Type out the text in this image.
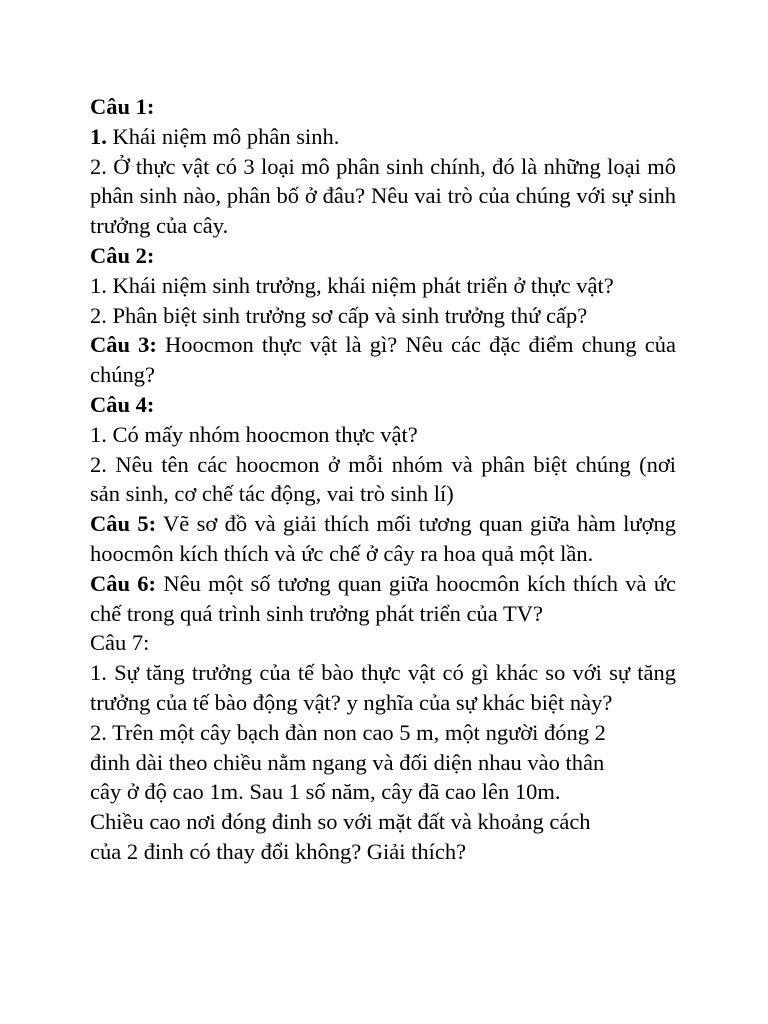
Câu 1:
1. Khái niệm mô phân sinh.
2. Ở thực vật có 3 loại mô phân sinh chính, đó là những loại mô phân sinh nào, phân bố ở đâu? Nêu vai trò của chúng với sự sinh trưởng của cây.
Câu 2:
1. Khái niệm sinh trưởng, khái niệm phát triển ở thực vật?
2. Phân biệt sinh trưởng sơ cấp và sinh trưởng thứ cấp?
Câu 3: Hoocmon thực vật là gì? Nêu các đặc điểm chung của chúng?
Câu 4:
1. Có mấy nhóm hoocmon thực vật?
2. Nêu tên các hoocmon ở mỗi nhóm và phân biệt chúng (nơi sản sinh, cơ chế tác động, vai trò sinh lí)
Câu 5: Vẽ sơ đồ và giải thích mối tương quan giữa hàm lượng hoocmôn kích thích và ức chế ở cây ra hoa quả một lần.
Câu 6: Nêu một số tương quan giữa hoocmôn kích thích và ức chế trong quá trình sinh trưởng phát triển của TV?
Câu 7:
1. Sự tăng trưởng của tế bào thực vật có gì khác so với sự tăng trưởng của tế bào động vật? y nghĩa của sự khác biệt này?
2. Trên một cây bạch đàn non cao 5 m, một người đóng 2
đinh dài theo chiều nằm ngang và đối diện nhau vào thân
cây ở độ cao 1m. Sau 1 số năm, cây đã cao lên 10m.
Chiều cao nơi đóng đinh so với mặt đất và khoảng cách
của 2 đinh có thay đổi không? Giải thích?
